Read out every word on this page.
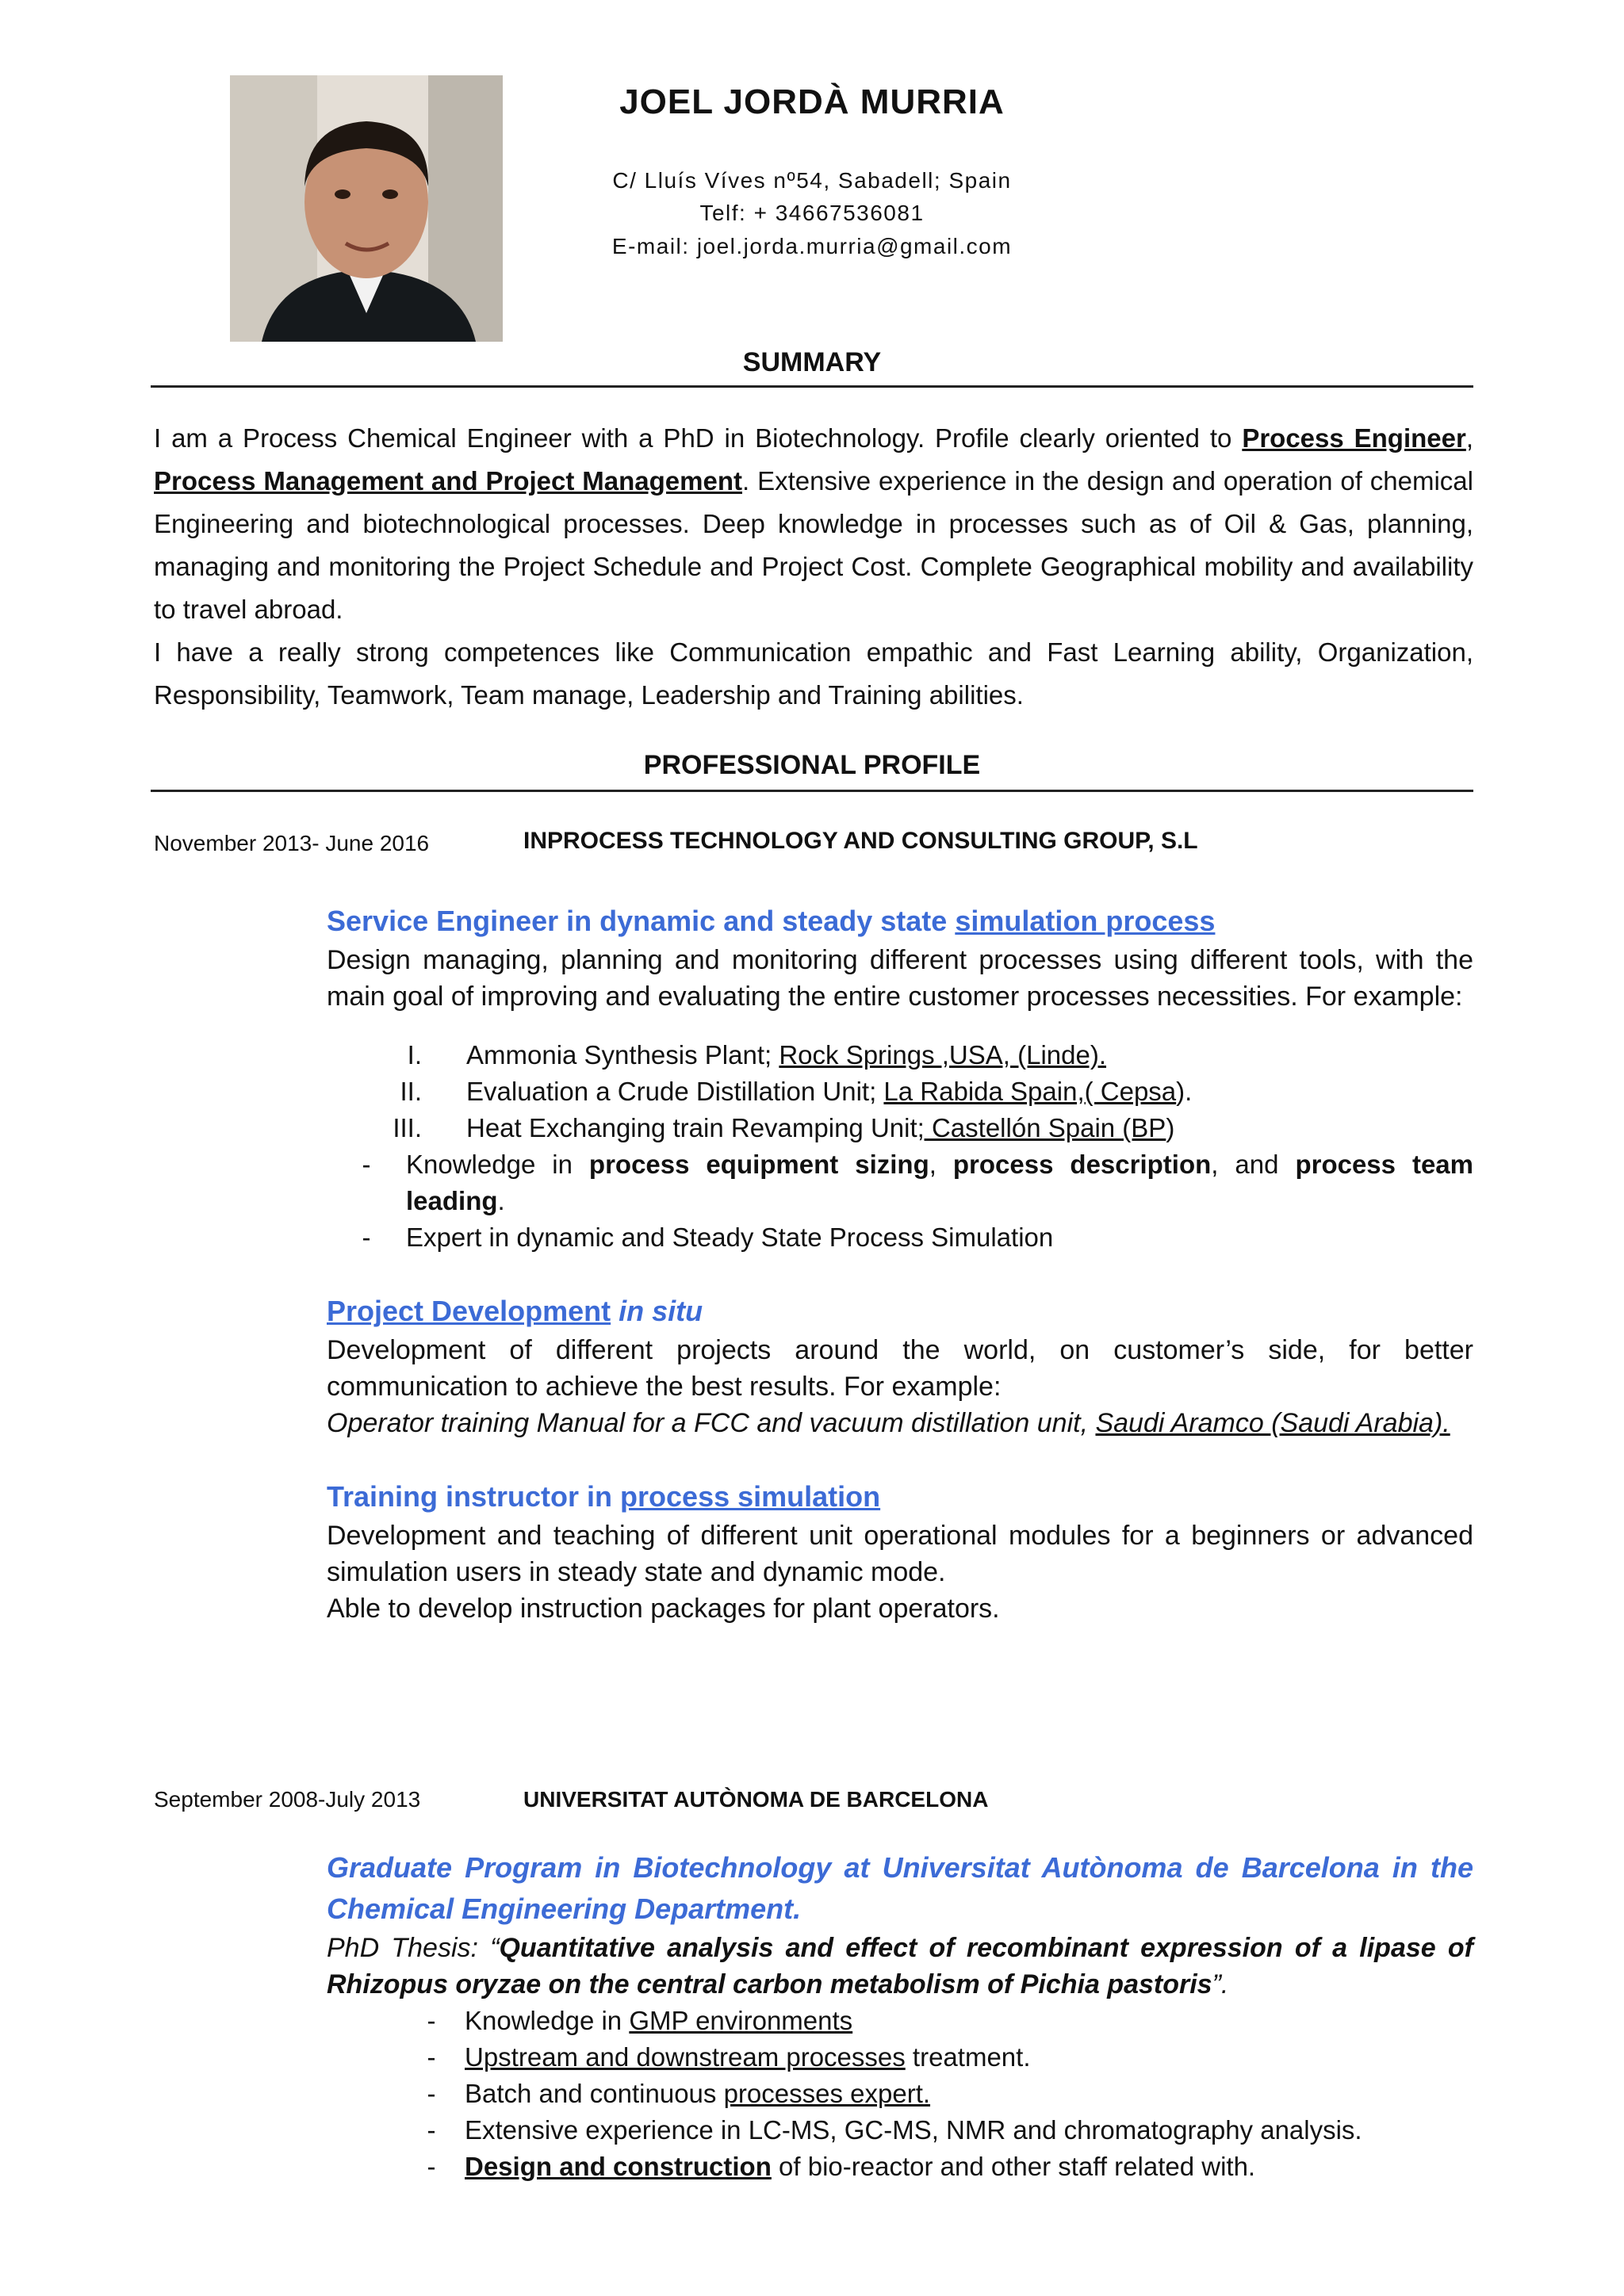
JOEL JORDÀ MURRIA
C/ Lluís Víves nº54, Sabadell; Spain
Telf: + 34667536081
E-mail: joel.jorda.murria@gmail.com
SUMMARY

I am a Process Chemical Engineer with a PhD in Biotechnology. Profile clearly oriented to Process Engineer, Process Management and Project Management. Extensive experience in the design and operation of chemical Engineering and biotechnological processes. Deep knowledge in processes such as of Oil & Gas, planning, managing and monitoring the Project Schedule and Project Cost. Complete Geographical mobility and availability to travel abroad.

I have a really strong competences like Communication empathic and Fast Learning ability, Organization, Responsibility, Teamwork, Team manage, Leadership and Training abilities.

PROFESSIONAL PROFILE
November 2013- June 2016	INPROCESS TECHNOLOGY AND CONSULTING GROUP, S.L
Service Engineer in dynamic and steady state simulation process

Design managing, planning and monitoring different processes using different tools, with the main goal of improving and evaluating the entire customer processes necessities. For example:

I. Ammonia Synthesis Plant; Rock Springs ,USA, (Linde).
II. Evaluation a Crude Distillation Unit; La Rabida Spain,( Cepsa).
III. Heat Exchanging train Revamping Unit; Castellón Spain (BP)
-	Knowledge in process equipment sizing, process description, and process team leading.
-	Expert in dynamic and Steady State Process Simulation
Project Development in situ

Development of different projects around the world, on customer’s side, for better communication to achieve the best results. For example:

Operator training Manual for a FCC and vacuum distillation unit, Saudi Aramco (Saudi Arabia).

Training instructor in process simulation

Development and teaching of different unit operational modules for a beginners or advanced simulation users in steady state and dynamic mode.

Able to develop instruction packages for plant operators.

September 2008-July 2013	UNIVERSITAT AUTÒNOMA DE BARCELONA
Graduate Program in Biotechnology at Universitat Autònoma de Barcelona in the Chemical Engineering Department.

PhD Thesis: “Quantitative analysis and effect of recombinant expression of a lipase of Rhizopus oryzae on the central carbon metabolism of Pichia pastoris”.

-	Knowledge in GMP environments
-	Upstream and downstream processes treatment.
-	Batch and continuous processes expert.
-	Extensive experience in LC-MS, GC-MS, NMR and chromatography analysis.
-	Design and construction of bio-reactor and other staff related with.
